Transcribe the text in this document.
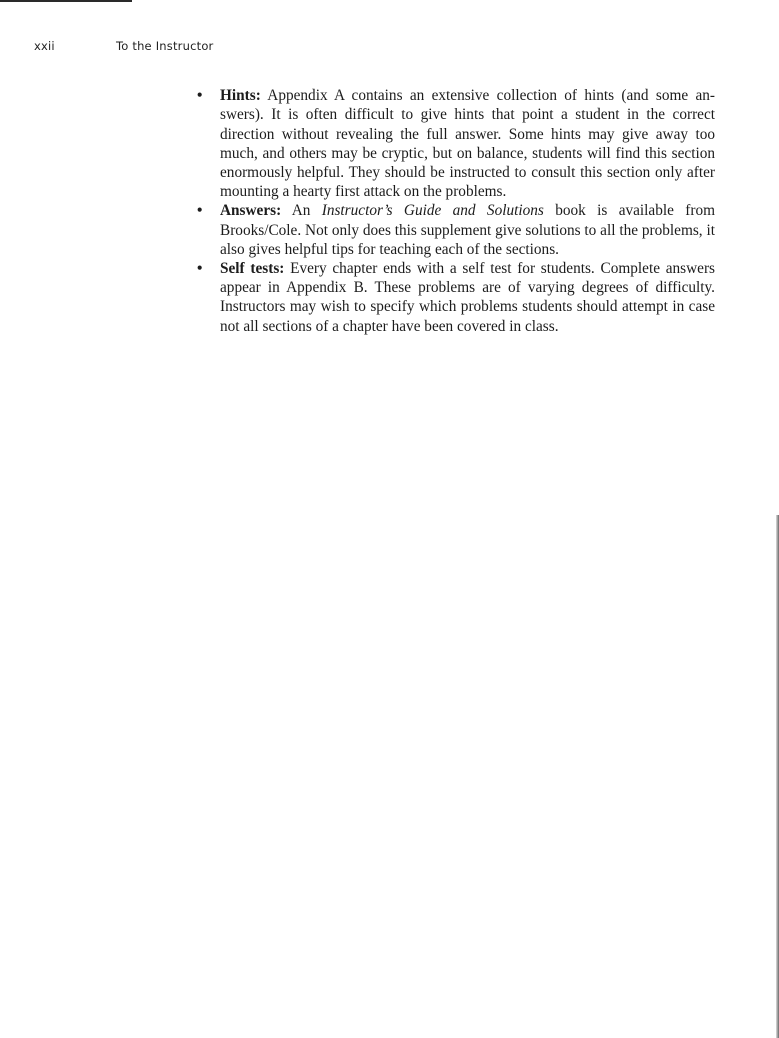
xxii	To the Instructor
• Hints: Appendix A contains an extensive collection of hints (and some answers). It is often difficult to give hints that point a student in the correct direction without revealing the full answer. Some hints may give away too much, and others may be cryptic, but on balance, students will find this section enormously helpful. They should be instructed to consult this section only after mounting a hearty first attack on the problems.
• Answers: An Instructor’s Guide and Solutions book is available from Brooks/Cole. Not only does this supplement give solutions to all the problems, it also gives helpful tips for teaching each of the sections.
• Self tests: Every chapter ends with a self test for students. Complete answers appear in Appendix B. These problems are of varying degrees of difficulty. Instructors may wish to specify which problems students should attempt in case not all sections of a chapter have been covered in class.
